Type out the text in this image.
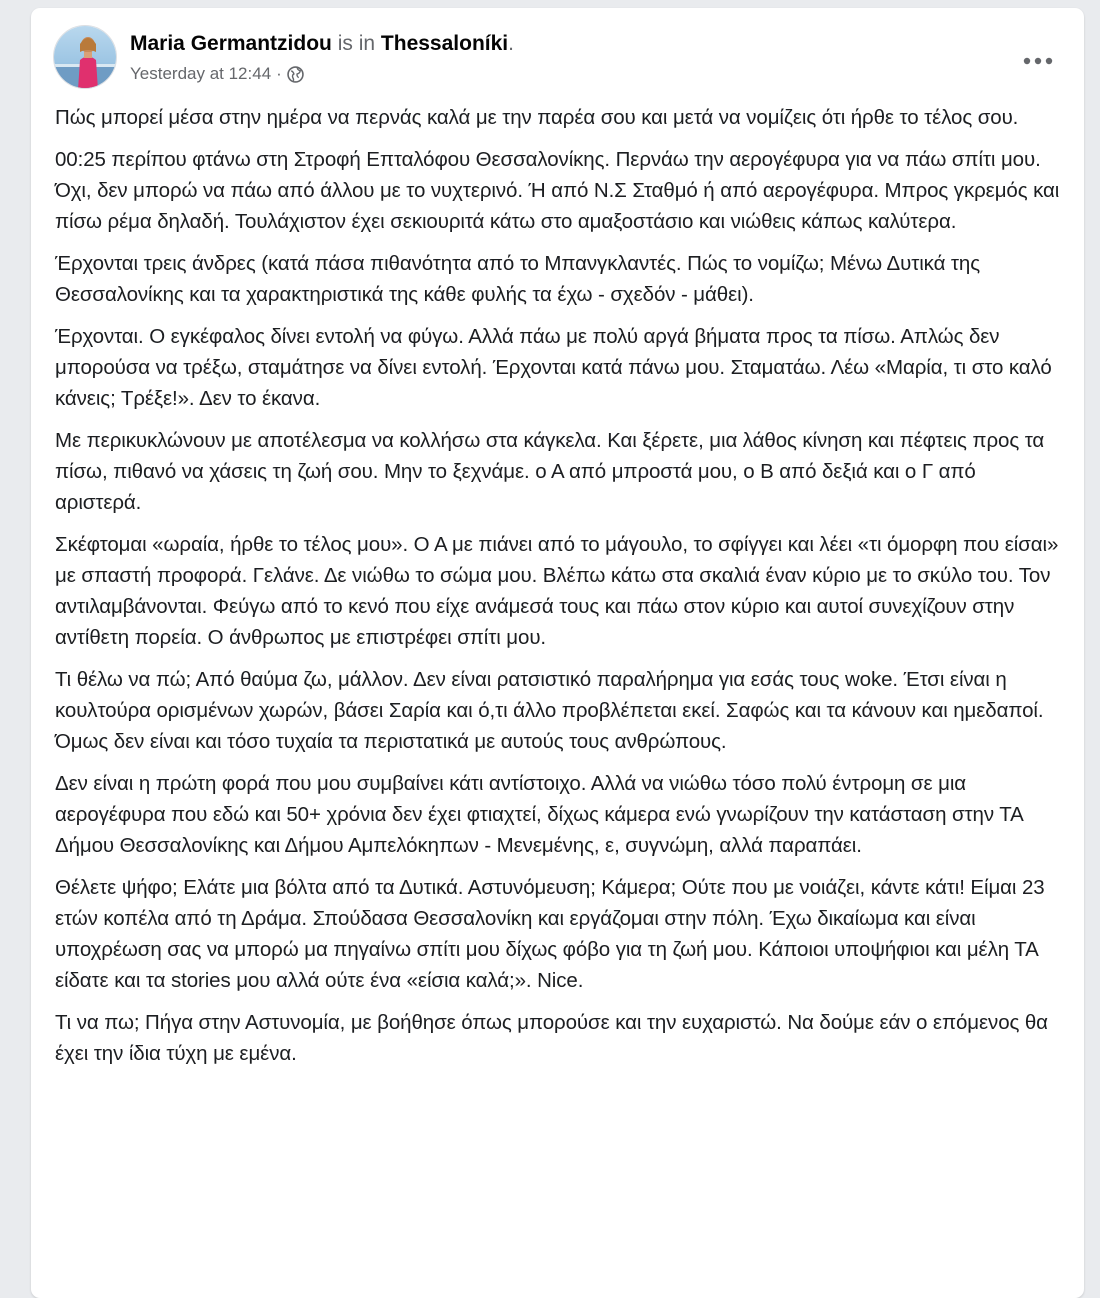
Maria Germantzidou is in Thessaloníki.
Yesterday at 12:44 ·

Πώς μπορεί μέσα στην ημέρα να περνάς καλά με την παρέα σου και μετά να νομίζεις ότι ήρθε το τέλος σου.

00:25 περίπου φτάνω στη Στροφή Επταλόφου Θεσσαλονίκης. Περνάω την αερογέφυρα για να πάω σπίτι μου. Όχι, δεν μπορώ να πάω από άλλου με το νυχτερινό. Ή από Ν.Σ Σταθμό ή από αερογέφυρα. Μπρος γκρεμός και πίσω ρέμα δηλαδή. Τουλάχιστον έχει σεκιουριτά κάτω στο αμαξοστάσιο και νιώθεις κάπως καλύτερα.

Έρχονται τρεις άνδρες (κατά πάσα πιθανότητα από το Μπανγκλαντές. Πώς το νομίζω; Μένω Δυτικά της Θεσσαλονίκης και τα χαρακτηριστικά της κάθε φυλής τα έχω - σχεδόν - μάθει).

Έρχονται. Ο εγκέφαλος δίνει εντολή να φύγω. Αλλά πάω με πολύ αργά βήματα προς τα πίσω. Απλώς δεν μπορούσα να τρέξω, σταμάτησε να δίνει εντολή. Έρχονται κατά πάνω μου. Σταματάω. Λέω «Μαρία, τι στο καλό κάνεις; Τρέξε!». Δεν το έκανα.

Με περικυκλώνουν με αποτέλεσμα να κολλήσω στα κάγκελα. Και ξέρετε, μια λάθος κίνηση και πέφτεις προς τα πίσω, πιθανό να χάσεις τη ζωή σου. Μην το ξεχνάμε. ο Α από μπροστά μου, ο Β από δεξιά και ο Γ από αριστερά.

Σκέφτομαι «ωραία, ήρθε το τέλος μου». Ο Α με πιάνει από το μάγουλο, το σφίγγει και λέει «τι όμορφη που είσαι» με σπαστή προφορά. Γελάνε. Δε νιώθω το σώμα μου. Βλέπω κάτω στα σκαλιά έναν κύριο με το σκύλο του. Τον αντιλαμβάνονται. Φεύγω από το κενό που είχε ανάμεσά τους και πάω στον κύριο και αυτοί συνεχίζουν στην αντίθετη πορεία. Ο άνθρωπος με επιστρέφει σπίτι μου.

Τι θέλω να πώ; Από θαύμα ζω, μάλλον. Δεν είναι ρατσιστικό παραλήρημα για εσάς τους woke. Έτσι είναι η κουλτούρα ορισμένων χωρών, βάσει Σαρία και ό,τι άλλο προβλέπεται εκεί. Σαφώς και τα κάνουν και ημεδαποί. Όμως δεν είναι και τόσο τυχαία τα περιστατικά με αυτούς τους ανθρώπους.

Δεν είναι η πρώτη φορά που μου συμβαίνει κάτι αντίστοιχο. Αλλά να νιώθω τόσο πολύ έντρομη σε μια αερογέφυρα που εδώ και 50+ χρόνια δεν έχει φτιαχτεί, δίχως κάμερα ενώ γνωρίζουν την κατάσταση στην ΤΑ Δήμου Θεσσαλονίκης και Δήμου Αμπελόκηπων - Μενεμένης, ε, συγνώμη, αλλά παραπάει.

Θέλετε ψήφο; Ελάτε μια βόλτα από τα Δυτικά. Αστυνόμευση; Κάμερα; Ούτε που με νοιάζει, κάντε κάτι! Είμαι 23 ετών κοπέλα από τη Δράμα. Σπούδασα Θεσσαλονίκη και εργάζομαι στην πόλη. Έχω δικαίωμα και είναι υποχρέωση σας να μπορώ μα πηγαίνω σπίτι μου δίχως φόβο για τη ζωή μου. Κάποιοι υποψήφιοι και μέλη ΤΑ είδατε και τα stories μου αλλά ούτε ένα «είσια καλά;». Nice.

Τι να πω; Πήγα στην Αστυνομία, με βοήθησε όπως μπορούσε και την ευχαριστώ. Να δούμε εάν ο επόμενος θα έχει την ίδια τύχη με εμένα.
